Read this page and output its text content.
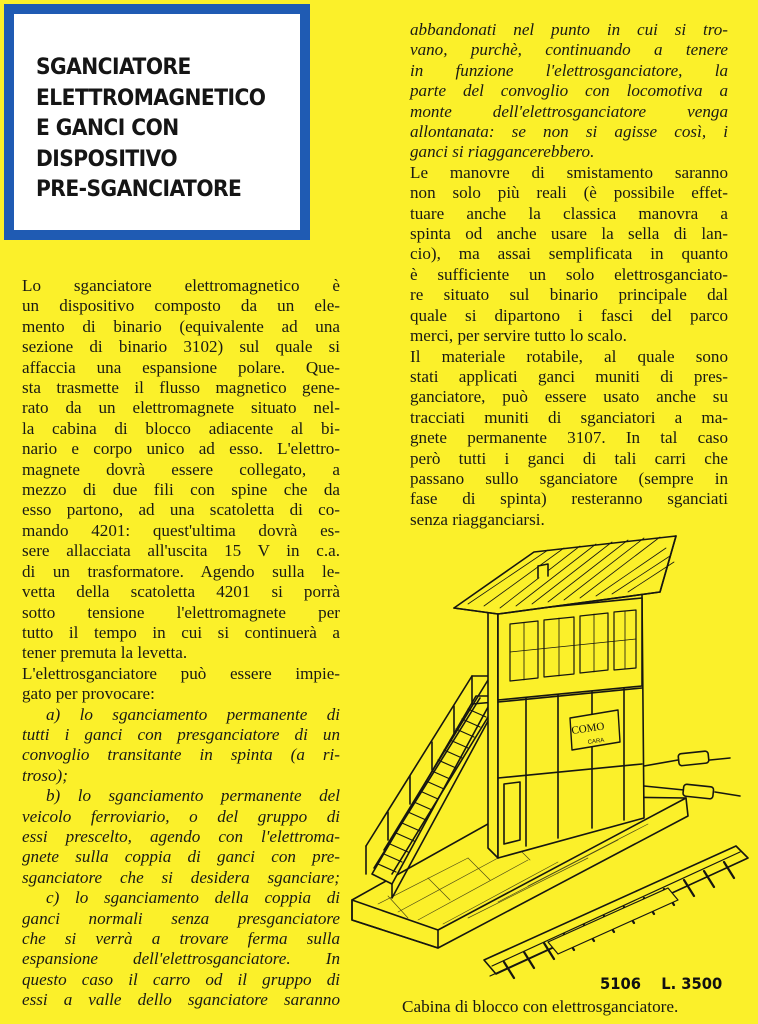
SGANCIATORE
ELETTROMAGNETICO
E GANCI CON
DISPOSITIVO
PRE-SGANCIATORE
Lo sganciatore elettromagnetico è
un dispositivo composto da un ele-
mento di binario (equivalente ad una
sezione di binario 3102) sul quale si
affaccia una espansione polare. Que-
sta trasmette il flusso magnetico gene-
rato da un elettromagnete situato nel-
la cabina di blocco adiacente al bi-
nario e corpo unico ad esso. L'elettro-
magnete dovrà essere collegato, a
mezzo di due fili con spine che da
esso partono, ad una scatoletta di co-
mando 4201: quest'ultima dovrà es-
sere allacciata all'uscita 15 V in c.a.
di un trasformatore. Agendo sulla le-
vetta della scatoletta 4201 si porrà
sotto tensione l'elettromagnete per
tutto il tempo in cui si continuerà a
tener premuta la levetta.
L'elettrosganciatore può essere impie-
gato per provocare:
a) lo sganciamento permanente di
tutti i ganci con presganciatore di un
convoglio transitante in spinta (a ri-
troso);
b) lo sganciamento permanente del
veicolo ferroviario, o del gruppo di
essi prescelto, agendo con l'elettroma-
gnete sulla coppia di ganci con pre-
sganciatore che si desidera sganciare;
c) lo sganciamento della coppia di
ganci normali senza presganciatore
che si verrà a trovare ferma sulla
espansione dell'elettrosganciatore. In
questo caso il carro od il gruppo di
essi a valle dello sganciatore saranno
abbandonati nel punto in cui si tro-
vano, purchè, continuando a tenere
in funzione l'elettrosganciatore, la
parte del convoglio con locomotiva a
monte dell'elettrosganciatore venga
allontanata: se non si agisse così, i
ganci si riaggancerebbero.
Le manovre di smistamento saranno
non solo più reali (è possibile effet-
tuare anche la classica manovra a
spinta od anche usare la sella di lan-
cio), ma assai semplificata in quanto
è sufficiente un solo elettrosganciato-
re situato sul binario principale dal
quale si dipartono i fasci del parco
merci, per servire tutto lo scalo.
Il materiale rotabile, al quale sono
stati applicati ganci muniti di pres-
ganciatore, può essere usato anche su
tracciati muniti di sganciatori a ma-
gnete permanente 3107. In tal caso
però tutti i ganci di tali carri che
passano sullo sganciatore (sempre in
fase di spinta) resteranno sganciati
senza riagganciarsi.
COMO
CARA
5106 L. 3500
Cabina di blocco con elettrosganciatore.
